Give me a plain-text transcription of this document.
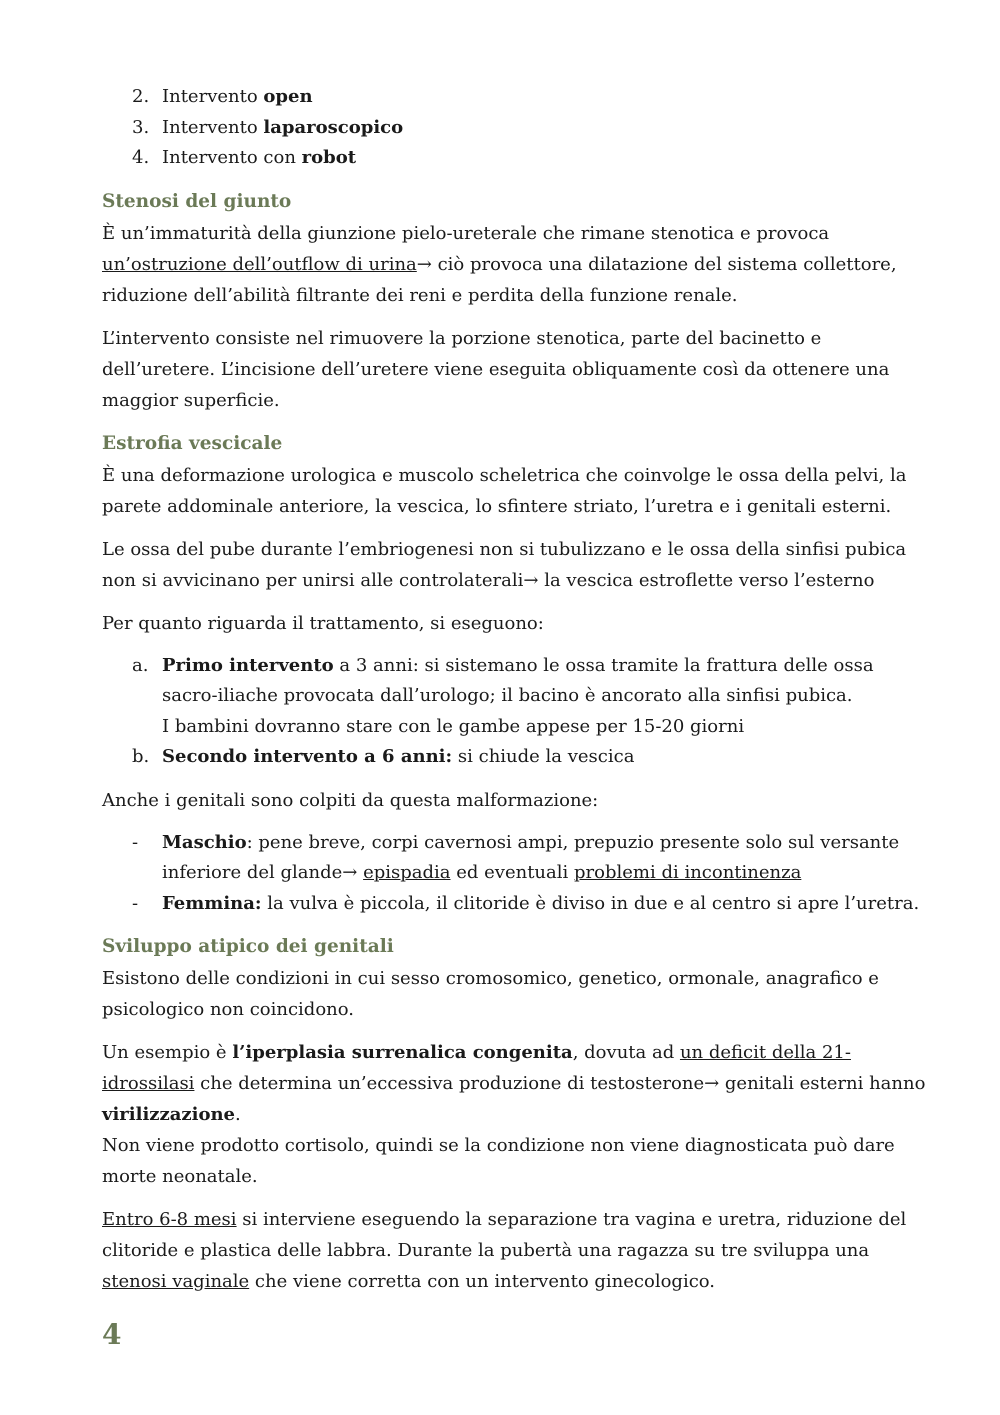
2. Intervento open
3. Intervento laparoscopico
4. Intervento con robot
Stenosi del giunto

È un’immaturità della giunzione pielo-ureterale che rimane stenotica e provoca un’ostruzione dell’outflow di urina→ ciò provoca una dilatazione del sistema collettore, riduzione dell’abilità filtrante dei reni e perdita della funzione renale.

L’intervento consiste nel rimuovere la porzione stenotica, parte del bacinetto e dell’uretere. L’incisione dell’uretere viene eseguita obliquamente così da ottenere una maggior superficie.

Estrofia vescicale

È una deformazione urologica e muscolo scheletrica che coinvolge le ossa della pelvi, la parete addominale anteriore, la vescica, lo sfintere striato, l’uretra e i genitali esterni.

Le ossa del pube durante l’embriogenesi non si tubulizzano e le ossa della sinfisi pubica non si avvicinano per unirsi alle controlaterali→ la vescica estroflette verso l’esterno

Per quanto riguarda il trattamento, si eseguono:

a. Primo intervento a 3 anni: si sistemano le ossa tramite la frattura delle ossa sacro-iliache provocata dall’urologo; il bacino è ancorato alla sinfisi pubica.
I bambini dovranno stare con le gambe appese per 15-20 giorni
b. Secondo intervento a 6 anni: si chiude la vescica

Anche i genitali sono colpiti da questa malformazione:

- Maschio: pene breve, corpi cavernosi ampi, prepuzio presente solo sul versante inferiore del glande→ epispadia ed eventuali problemi di incontinenza
- Femmina: la vulva è piccola, il clitoride è diviso in due e al centro si apre l’uretra.
Sviluppo atipico dei genitali

Esistono delle condizioni in cui sesso cromosomico, genetico, ormonale, anagrafico e psicologico non coincidono.

Un esempio è l’iperplasia surrenalica congenita, dovuta ad un deficit della 21-idrossilasi che determina un’eccessiva produzione di testosterone→ genitali esterni hanno virilizzazione.
Non viene prodotto cortisolo, quindi se la condizione non viene diagnosticata può dare morte neonatale.

Entro 6-8 mesi si interviene eseguendo la separazione tra vagina e uretra, riduzione del clitoride e plastica delle labbra. Durante la pubertà una ragazza su tre sviluppa una stenosi vaginale che viene corretta con un intervento ginecologico.

4
